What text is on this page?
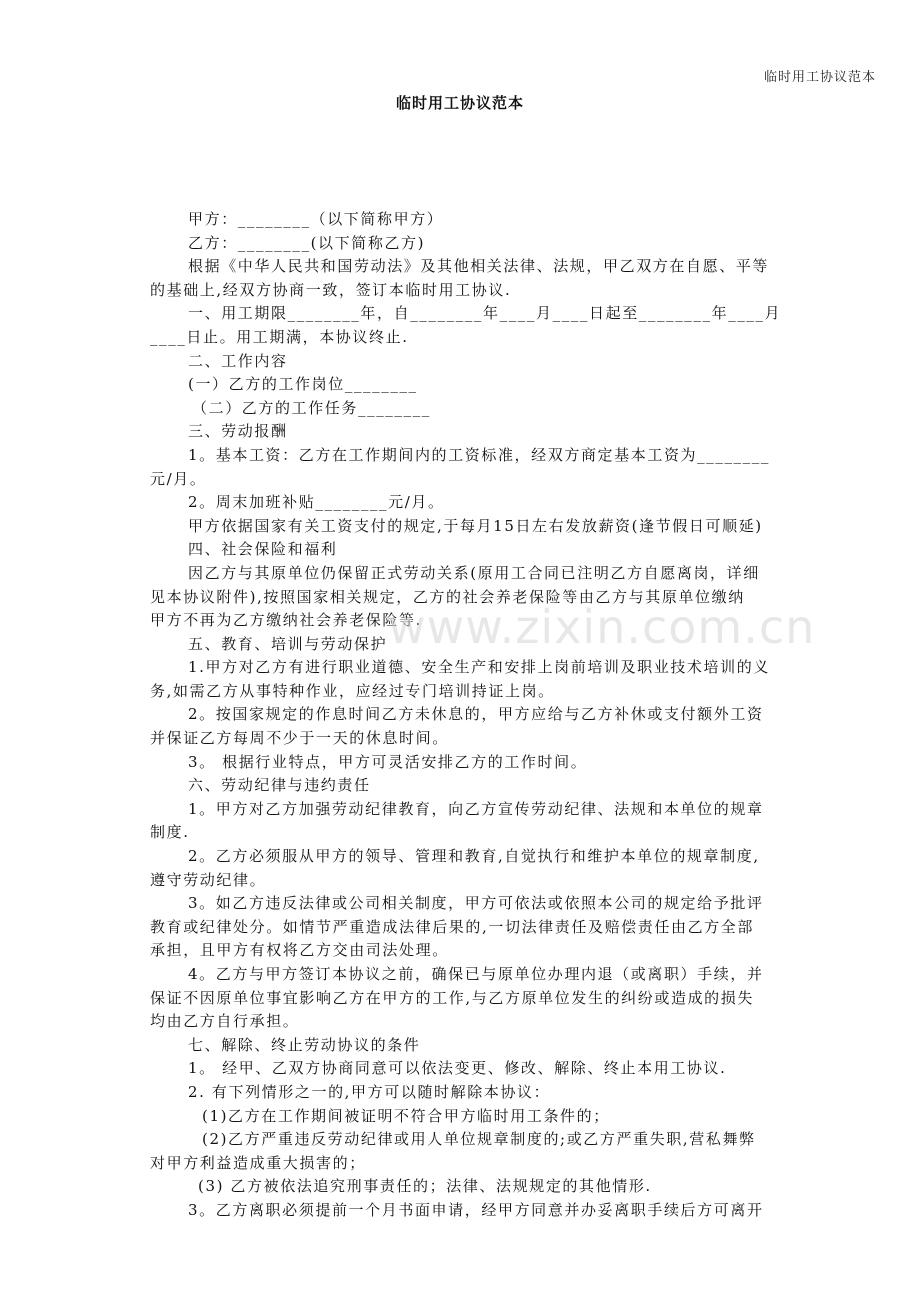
临时用工协议范本
临时用工协议范本
甲方：________（以下简称甲方）
乙方：________(以下简称乙方)
根据《中华人民共和国劳动法》及其他相关法律、法规，甲乙双方在自愿、平等
的基础上,经双方协商一致，签订本临时用工协议.
一、用工期限________年，自________年____月____日起至________年____月
____日止。用工期满，本协议终止.
二、工作内容
(一）乙方的工作岗位________
（二）乙方的工作任务________
三、劳动报酬
1。基本工资：乙方在工作期间内的工资标准，经双方商定基本工资为________
元/月。
2。周末加班补贴________元/月。
甲方依据国家有关工资支付的规定,于每月15日左右发放薪资(逢节假日可顺延)
四、社会保险和福利
因乙方与其原单位仍保留正式劳动关系(原用工合同已注明乙方自愿离岗，详细
见本协议附件),按照国家相关规定，乙方的社会养老保险等由乙方与其原单位缴纳
甲方不再为乙方缴纳社会养老保险等.
五、教育、培训与劳动保护
1.甲方对乙方有进行职业道德、安全生产和安排上岗前培训及职业技术培训的义
务,如需乙方从事特种作业，应经过专门培训持证上岗。
2。按国家规定的作息时间乙方未休息的，甲方应给与乙方补休或支付额外工资
并保证乙方每周不少于一天的休息时间。
3。 根据行业特点，甲方可灵活安排乙方的工作时间。
六、劳动纪律与违约责任
1。甲方对乙方加强劳动纪律教育，向乙方宣传劳动纪律、法规和本单位的规章
制度.
2。乙方必须服从甲方的领导、管理和教育,自觉执行和维护本单位的规章制度,
遵守劳动纪律。
3。如乙方违反法律或公司相关制度，甲方可依法或依照本公司的规定给予批评
教育或纪律处分。如情节严重造成法律后果的,一切法律责任及赔偿责任由乙方全部
承担，且甲方有权将乙方交由司法处理。
4。乙方与甲方签订本协议之前，确保已与原单位办理内退（或离职）手续，并
保证不因原单位事宜影响乙方在甲方的工作,与乙方原单位发生的纠纷或造成的损失
均由乙方自行承担。
七、解除、终止劳动协议的条件
1。 经甲、乙双方协商同意可以依法变更、修改、解除、终止本用工协议.
2. 有下列情形之一的,甲方可以随时解除本协议：
(1)乙方在工作期间被证明不符合甲方临时用工条件的；
(2)乙方严重违反劳动纪律或用人单位规章制度的;或乙方严重失职,营私舞弊
对甲方利益造成重大损害的；
(3) 乙方被依法追究刑事责任的；法律、法规规定的其他情形.
3。乙方离职必须提前一个月书面申请，经甲方同意并办妥离职手续后方可离开
www.zixin.com.cn
